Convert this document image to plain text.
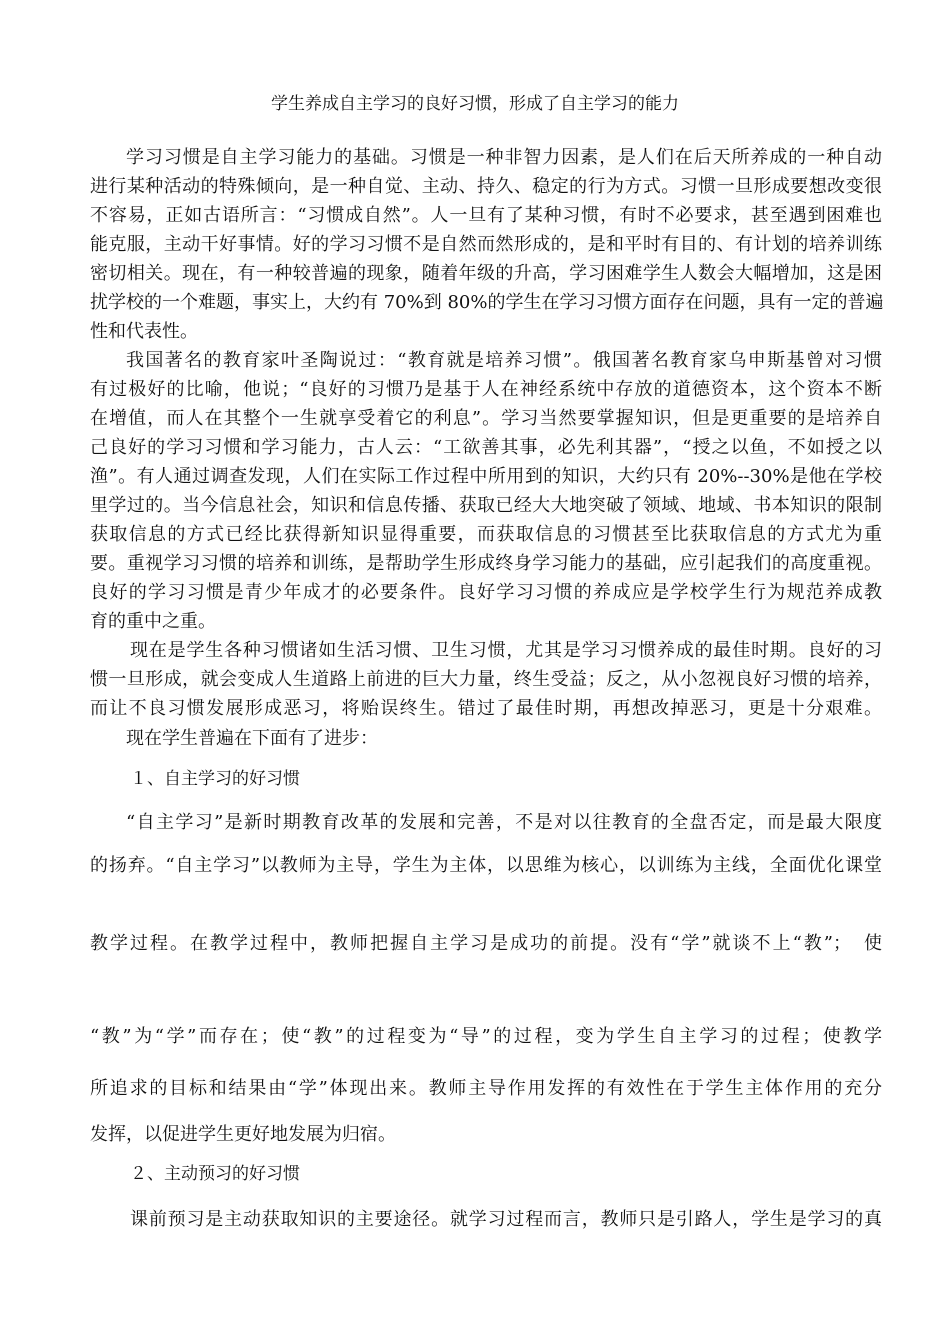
学生养成自主学习的良好习惯，形成了自主学习的能力
学习习惯是自主学习能力的基础。习惯是一种非智力因素，是人们在后天所养成的一种自动
进行某种活动的特殊倾向，是一种自觉、主动、持久、稳定的行为方式。习惯一旦形成要想改变很
不容易，正如古语所言：“习惯成自然”。人一旦有了某种习惯，有时不必要求，甚至遇到困难也
能克服，主动干好事情。好的学习习惯不是自然而然形成的，是和平时有目的、有计划的培养训练
密切相关。现在，有一种较普遍的现象，随着年级的升高，学习困难学生人数会大幅增加，这是困
扰学校的一个难题，事实上，大约有 70%到 80%的学生在学习习惯方面存在问题，具有一定的普遍
性和代表性。
我国著名的教育家叶圣陶说过：“教育就是培养习惯”。俄国著名教育家乌申斯基曾对习惯
有过极好的比喻，他说；“良好的习惯乃是基于人在神经系统中存放的道德资本，这个资本不断
在增值，而人在其整个一生就享受着它的利息”。学习当然要掌握知识，但是更重要的是培养自
己良好的学习习惯和学习能力，古人云：“工欲善其事，必先利其器”，“授之以鱼，不如授之以
渔”。有人通过调查发现，人们在实际工作过程中所用到的知识，大约只有 20%--30%是他在学校
里学过的。当今信息社会，知识和信息传播、获取已经大大地突破了领域、地域、书本知识的限制
获取信息的方式已经比获得新知识显得重要，而获取信息的习惯甚至比获取信息的方式尤为重
要。重视学习习惯的培养和训练，是帮助学生形成终身学习能力的基础，应引起我们的高度重视。
良好的学习习惯是青少年成才的必要条件。良好学习习惯的养成应是学校学生行为规范养成教
育的重中之重。
现在是学生各种习惯诸如生活习惯、卫生习惯，尤其是学习习惯养成的最佳时期。良好的习
惯一旦形成，就会变成人生道路上前进的巨大力量，终生受益；反之，从小忽视良好习惯的培养，
而让不良习惯发展形成恶习，将贻误终生。错过了最佳时期，再想改掉恶习，更是十分艰难。
现在学生普遍在下面有了进步：
１、自主学习的好习惯
“自主学习”是新时期教育改革的发展和完善，不是对以往教育的全盘否定，而是最大限度
的扬弃。“自主学习”以教师为主导，学生为主体，以思维为核心，以训练为主线，全面优化课堂
教学过程。在教学过程中，教师把握自主学习是成功的前提。没有“学”就谈不上“教”；　使
“教”为“学”而存在；使“教”的过程变为“导”的过程，变为学生自主学习的过程；使教学
所追求的目标和结果由“学”体现出来。教师主导作用发挥的有效性在于学生主体作用的充分
发挥，以促进学生更好地发展为归宿。
２、主动预习的好习惯
课前预习是主动获取知识的主要途径。就学习过程而言，教师只是引路人，学生是学习的真
